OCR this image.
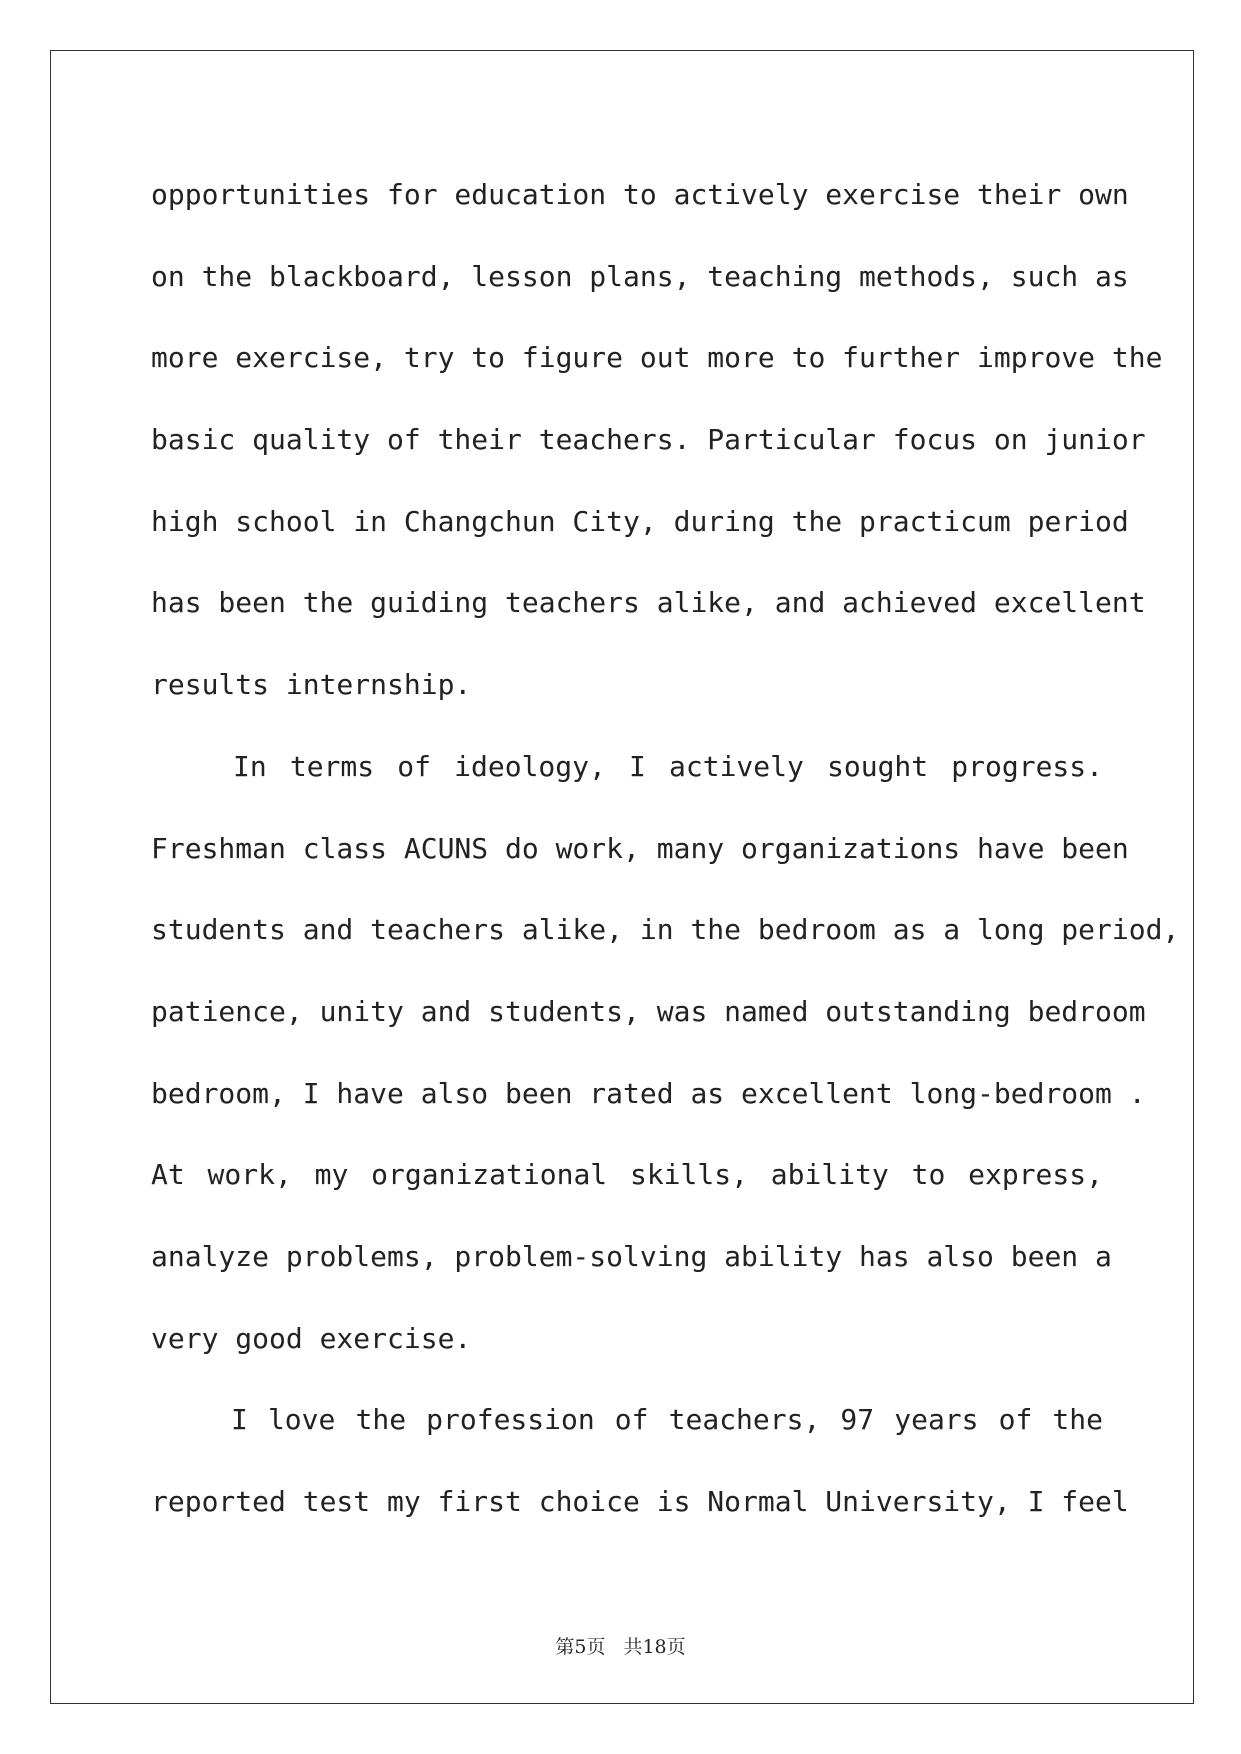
opportunities for education to actively exercise their own
on the blackboard, lesson plans, teaching methods, such as
more exercise, try to figure out more to further improve the
basic quality of their teachers. Particular focus on junior
high school in Changchun City, during the practicum period
has been the guiding teachers alike, and achieved excellent
results internship.
In terms of ideology, I actively sought progress.
Freshman class ACUNS do work, many organizations have been
students and teachers alike, in the bedroom as a long period,
patience, unity and students, was named outstanding bedroom
bedroom, I have also been rated as excellent long-bedroom .
At work, my organizational skills, ability to express,
analyze problems, problem-solving ability has also been a
very good exercise.
I love the profession of teachers, 97 years of the
reported test my first choice is Normal University, I feel
第5页 共18页
